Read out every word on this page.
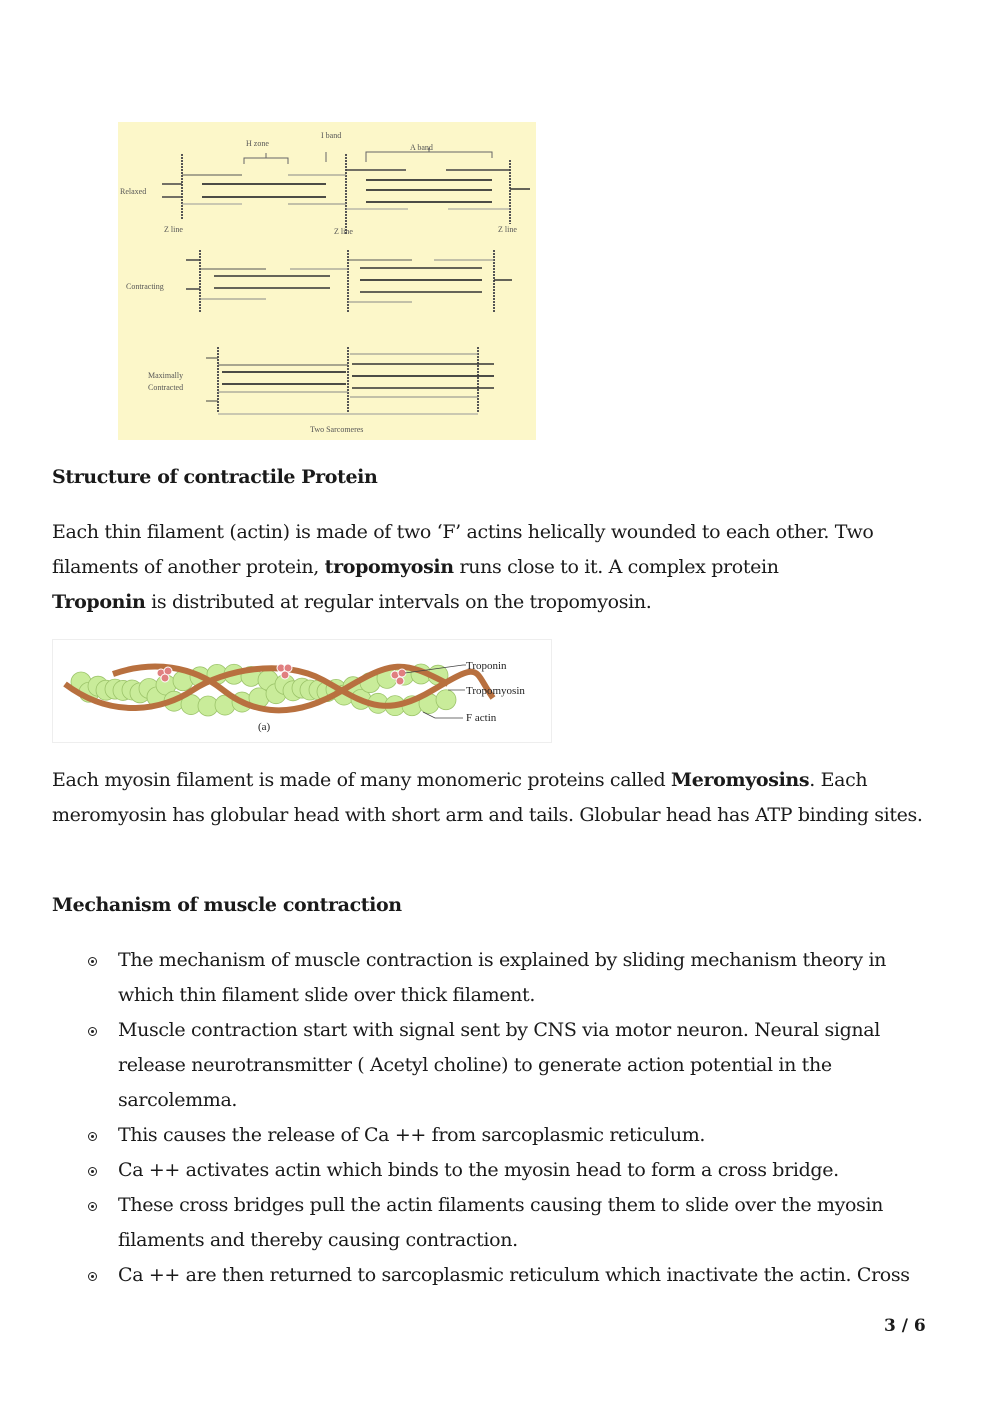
H zone
I band
A band
Relaxed
Z line	Z line	Z line
Contracting
Maximally
Contracted
Two Sarcomeres
Structure of contractile Protein
Each thin filament (actin) is made of two ‘F’ actins helically wounded to each other. Two filaments of another protein, tropomyosin runs close to it. A complex protein
Troponin is distributed at regular intervals on the tropomyosin.
Troponin
Tropomyosin
F actin
(a)
Each myosin filament is made of many monomeric proteins called Meromyosins. Each meromyosin has globular head with short arm and tails. Globular head has ATP binding sites.
Mechanism of muscle contraction
The mechanism of muscle contraction is explained by sliding mechanism theory in which thin filament slide over thick filament.
Muscle contraction start with signal sent by CNS via motor neuron. Neural signal release neurotransmitter ( Acetyl choline) to generate action potential in the sarcolemma.
This causes the release of Ca ++ from sarcoplasmic reticulum.
Ca ++ activates actin which binds to the myosin head to form a cross bridge.
These cross bridges pull the actin filaments causing them to slide over the myosin filaments and thereby causing contraction.
Ca ++ are then returned to sarcoplasmic reticulum which inactivate the actin. Cross
3 / 6
